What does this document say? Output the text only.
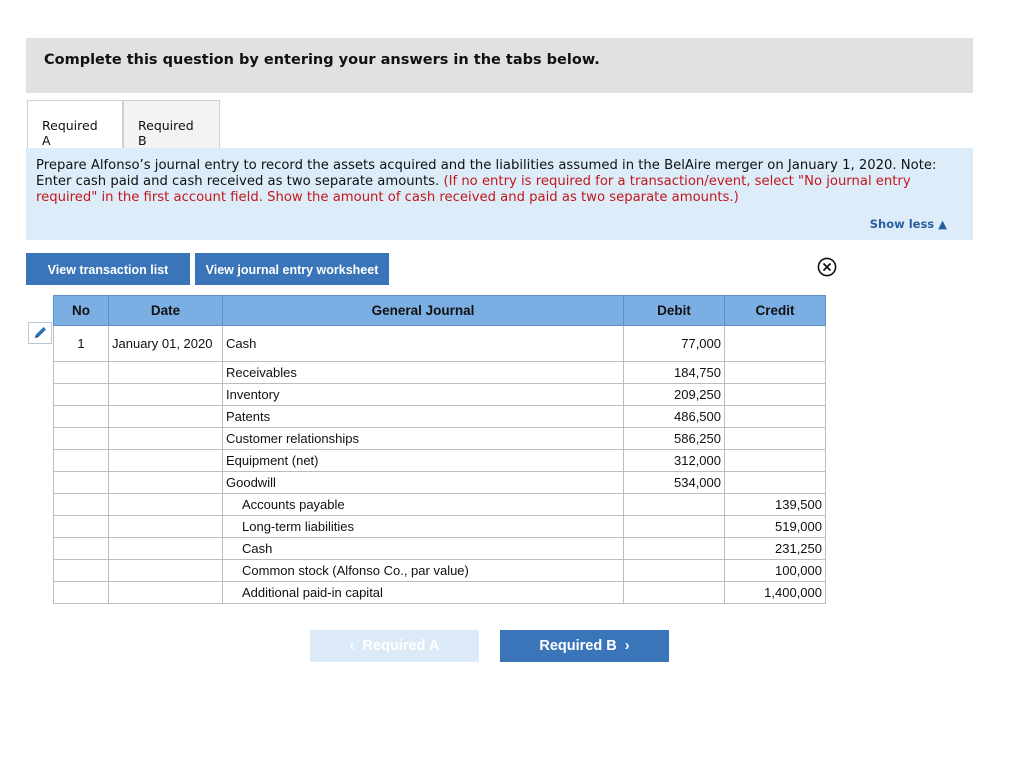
Complete this question by entering your answers in the tabs below.
Required A
Required B
Prepare Alfonso’s journal entry to record the assets acquired and the liabilities assumed in the BelAire merger on January 1, 2020. Note: Enter cash paid and cash received as two separate amounts. (If no entry is required for a transaction/event, select "No journal entry required" in the first account field. Show the amount of cash received and paid as two separate amounts.)
Show less ▲
View transaction list	View journal entry worksheet
No	Date	General Journal	Debit	Credit
1	January 01, 2020	Cash	77,000	
		Receivables	184,750	
		Inventory	209,250	
		Patents	486,500	
		Customer relationships	586,250	
		Equipment (net)	312,000	
		Goodwill	534,000	
		Accounts payable		139,500
		Long-term liabilities		519,000
		Cash		231,250
		Common stock (Alfonso Co., par value)		100,000
		Additional paid-in capital		1,400,000
‹  Required A	Required B  ›
